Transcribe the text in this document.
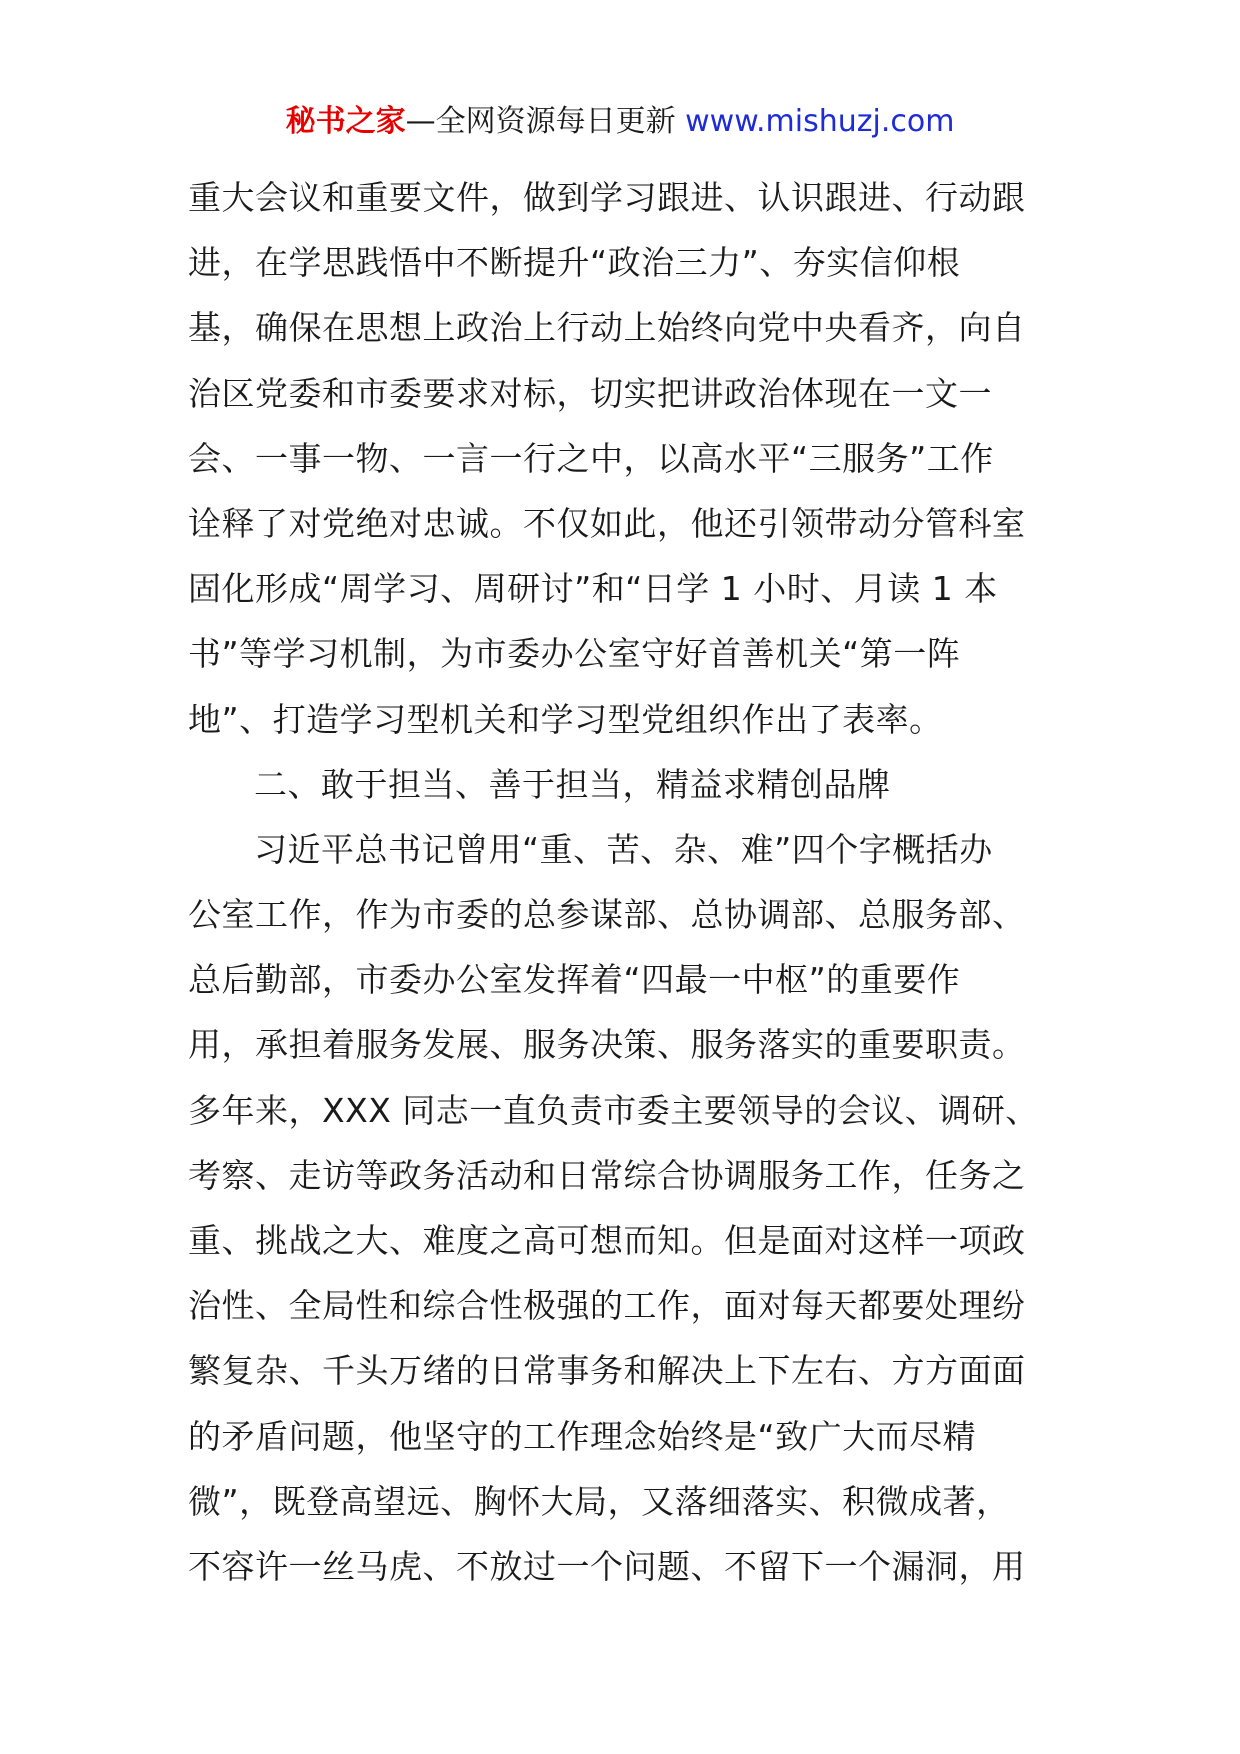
秘书之家—全网资源每日更新 www.mishuzj.com
重大会议和重要文件，做到学习跟进、认识跟进、行动跟
进，在学思践悟中不断提升“政治三力”、夯实信仰根
基，确保在思想上政治上行动上始终向党中央看齐，向自
治区党委和市委要求对标，切实把讲政治体现在一文一
会、一事一物、一言一行之中，以高水平“三服务”工作
诠释了对党绝对忠诚。不仅如此，他还引领带动分管科室
固化形成“周学习、周研讨”和“日学 1 小时、月读 1 本
书”等学习机制，为市委办公室守好首善机关“第一阵
地”、打造学习型机关和学习型党组织作出了表率。
二、敢于担当、善于担当，精益求精创品牌
习近平总书记曾用“重、苦、杂、难”四个字概括办
公室工作，作为市委的总参谋部、总协调部、总服务部、
总后勤部，市委办公室发挥着“四最一中枢”的重要作
用，承担着服务发展、服务决策、服务落实的重要职责。
多年来，XXX 同志一直负责市委主要领导的会议、调研、
考察、走访等政务活动和日常综合协调服务工作，任务之
重、挑战之大、难度之高可想而知。但是面对这样一项政
治性、全局性和综合性极强的工作，面对每天都要处理纷
繁复杂、千头万绪的日常事务和解决上下左右、方方面面
的矛盾问题，他坚守的工作理念始终是“致广大而尽精
微”，既登高望远、胸怀大局，又落细落实、积微成著，
不容许一丝马虎、不放过一个问题、不留下一个漏洞，用
